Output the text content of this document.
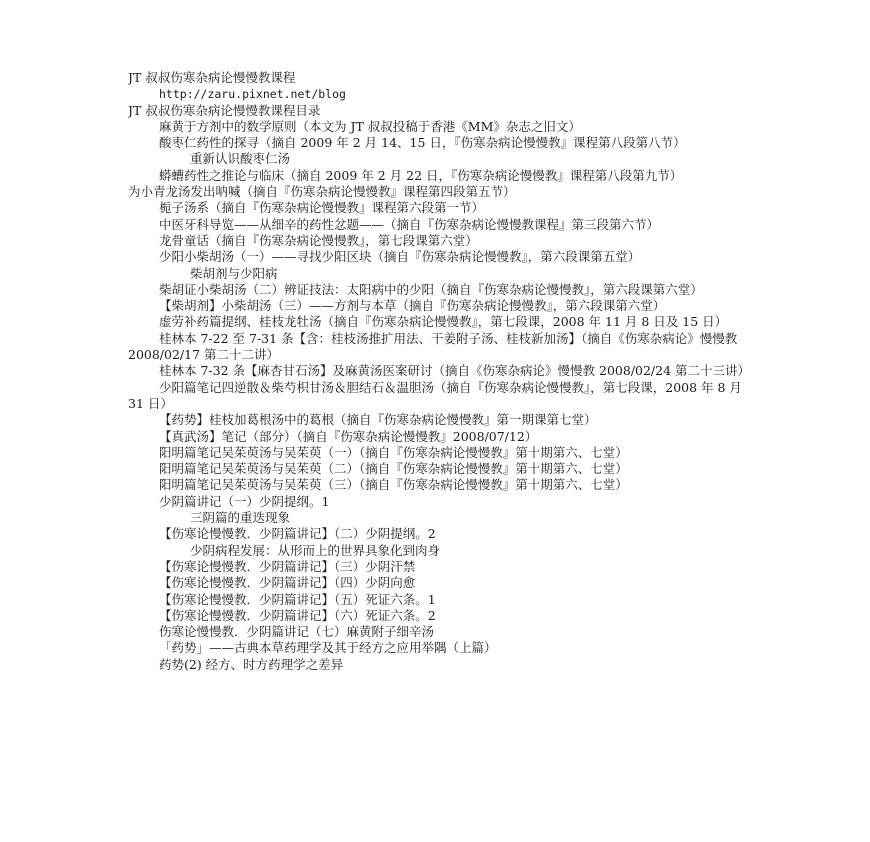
JT 叔叔伤寒杂病论慢慢教课程
http://zaru.pixnet.net/blog
JT 叔叔伤寒杂病论慢慢教课程目录
麻黄于方剂中的数学原则（本文为 JT 叔叔投稿于香港《MM》杂志之旧文）
酸枣仁药性的探寻（摘自 2009 年 2 月 14、15 日，『伤寒杂病论慢慢教』课程第八段第八节）
重新认识酸枣仁汤
蟒螬药性之推论与临床（摘自 2009 年 2 月 22 日，『伤寒杂病论慢慢教』课程第八段第九节）
为小青龙汤发出呐喊（摘自『伤寒杂病论慢慢教』课程第四段第五节）
栀子汤系（摘自『伤寒杂病论慢慢教』课程第六段第一节）
中医牙科导览——从细辛的药性忿题——（摘自『伤寒杂病论慢慢教课程』第三段第六节）
龙骨童话（摘自『伤寒杂病论慢慢教』，第七段课第六堂）
少阳小柴胡汤（一）——寻找少阳区块（摘自『伤寒杂病论慢慢教』，第六段课第五堂）
柴胡剂与少阳病
柴胡证小柴胡汤（二）辨证技法：太阳病中的少阳（摘自『伤寒杂病论慢慢教』，第六段课第六堂）
【柴胡剂】小柴胡汤（三）——方剂与本草（摘自『伤寒杂病论慢慢教』，第六段课第六堂）
虚劳补药篇提纲、桂枝龙牡汤（摘自『伤寒杂病论慢慢教』，第七段课，2008 年 11 月 8 日及 15 日）
桂林本 7-22 至 7-31 条【含：桂枝汤推扩用法、干姜附子汤、桂枝新加汤】（摘自《伤寒杂病论》慢慢教 2008/02/17 第二十二讲）
桂林本 7-32 条【麻杏甘石汤】及麻黄汤医案研讨（摘自《伤寒杂病论》慢慢教 2008/02/24 第二十三讲）
少阳篇笔记四逆散＆柴芍枳甘汤＆胆结石＆温胆汤（摘自『伤寒杂病论慢慢教』，第七段课，2008 年 8 月 31 日）
【药势】桂枝加葛根汤中的葛根（摘自『伤寒杂病论慢慢教』第一期课第七堂）
【真武汤】笔记（部分）（摘自『伤寒杂病论慢慢教』2008/07/12）
阳明篇笔记吴茱萸汤与吴茱萸（一）（摘自『伤寒杂病论慢慢教』第十期第六、七堂）
阳明篇笔记吴茱萸汤与吴茱萸（二）（摘自『伤寒杂病论慢慢教』第十期第六、七堂）
阳明篇笔记吴茱萸汤与吴茱萸（三）（摘自『伤寒杂病论慢慢教』第十期第六、七堂）
少阴篇讲记（一）少阴提纲。1
三阴篇的重迭现象
【伤寒论慢慢教．少阴篇讲记】（二）少阴提纲。2
少阴病程发展：从形而上的世界具象化到肉身
【伤寒论慢慢教．少阴篇讲记】（三）少阴汗禁
【伤寒论慢慢教．少阴篇讲记】（四）少阴向愈
【伤寒论慢慢教．少阴篇讲记】（五）死证六条。1
【伤寒论慢慢教．少阴篇讲记】（六）死证六条。2
伤寒论慢慢教．少阴篇讲记（七）麻黄附子细辛汤
「药势」——古典本草药理学及其于经方之应用举隅（上篇）
药势(2) 经方、时方药理学之差异
